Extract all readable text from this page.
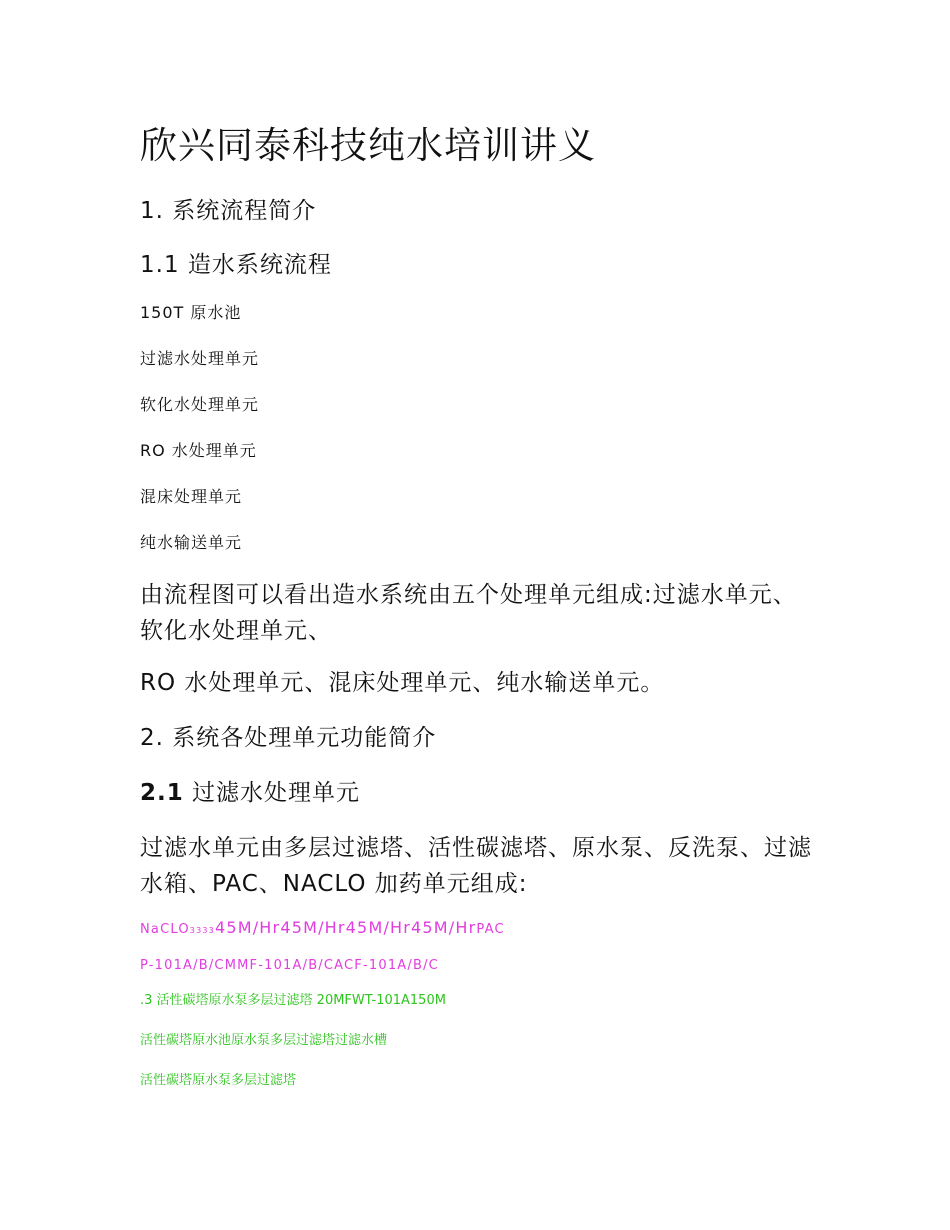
欣兴同泰科技纯水培训讲义

1. 系统流程简介

1.1 造水系统流程

150T 原水池

过滤水处理单元

软化水处理单元

RO 水处理单元

混床处理单元

纯水输送单元

由流程图可以看出造水系统由五个处理单元组成:过滤水单元、软化水处理单元、

RO 水处理单元、混床处理单元、纯水输送单元。

2. 系统各处理单元功能简介

2.1 过滤水处理单元

过滤水单元由多层过滤塔、活性碳滤塔、原水泵、反洗泵、过滤水箱、PAC、NACLO 加药单元组成:

NaCLO333345M/Hr45M/Hr45M/Hr45M/HrPAC

P-101A/B/CMMF-101A/B/CACF-101A/B/C

.3 活性碳塔原水泵多层过滤塔 20MFWT-101A150M

活性碳塔原水池原水泵多层过滤塔过滤水槽

活性碳塔原水泵多层过滤塔
